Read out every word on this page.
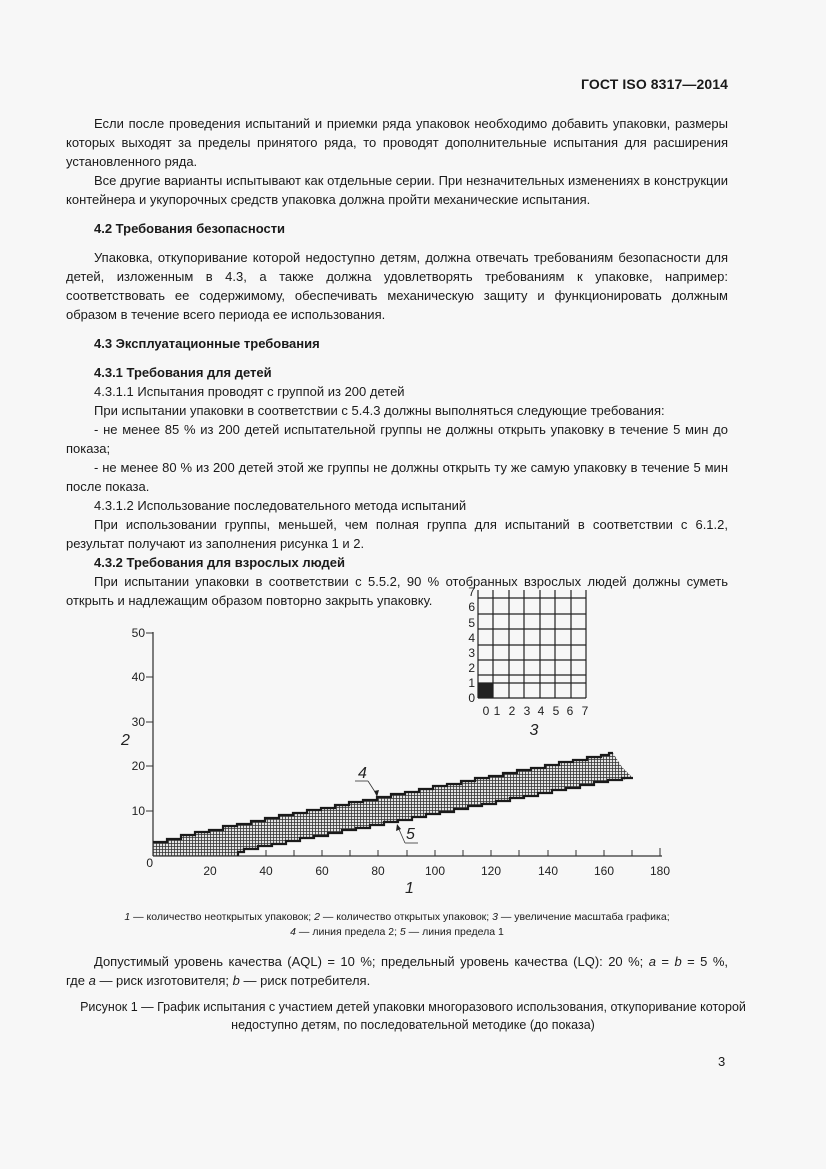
ГОСТ ISO 8317—2014

Если после проведения испытаний и приемки ряда упаковок необходимо добавить упаковки, размеры которых выходят за пределы принятого ряда, то проводят дополнительные испытания для расширения установленного ряда.

Все другие варианты испытывают как отдельные серии. При незначительных изменениях в конструкции контейнера и укупорочных средств упаковка должна пройти механические испытания.

4.2 Требования безопасности

Упаковка, откупоривание которой недоступно детям, должна отвечать требованиям безопасности для детей, изложенным в 4.3, а также должна удовлетворять требованиям к упаковке, например: соответствовать ее содержимому, обеспечивать механическую защиту и функционировать должным образом в течение всего периода ее использования.

4.3 Эксплуатационные требования

4.3.1 Требования для детей

4.3.1.1 Испытания проводят с группой из 200 детей

При испытании упаковки в соответствии с 5.4.3 должны выполняться следующие требования:

- не менее 85 % из 200 детей испытательной группы не должны открыть упаковку в течение 5 мин до показа;

- не менее 80 % из 200 детей этой же группы не должны открыть ту же самую упаковку в течение 5 мин после показа.

4.3.1.2 Использование последовательного метода испытаний

При использовании группы, меньшей, чем полная группа для испытаний в соответствии с 6.1.2, результат получают из заполнения рисунка 1 и 2.

4.3.2 Требования для взрослых людей

При испытании упаковки в соответствии с 5.5.2, 90 % отобранных взрослых людей должны суметь открыть и надлежащим образом повторно закрыть упаковку.

50
40
30
20
10
0
20	40	60	80	100	120	140	160	180
2
1
4
5
7
6
5
4
3
2
1
0
0 1 2 3 4 5 6 7
3
1 — количество неоткрытых упаковок; 2 — количество открытых упаковок; 3 — увеличение масштаба графика;
4 — линия предела 2; 5 — линия предела 1
Допустимый уровень качества (AQL) = 10 %; предельный уровень качества (LQ): 20 %; a = b = 5 %,
где a — риск изготовителя; b — риск потребителя.
Рисунок 1 — График испытания с участием детей упаковки многоразового использования, откупоривание которой недоступно детям, по последовательной методике (до показа)
3
